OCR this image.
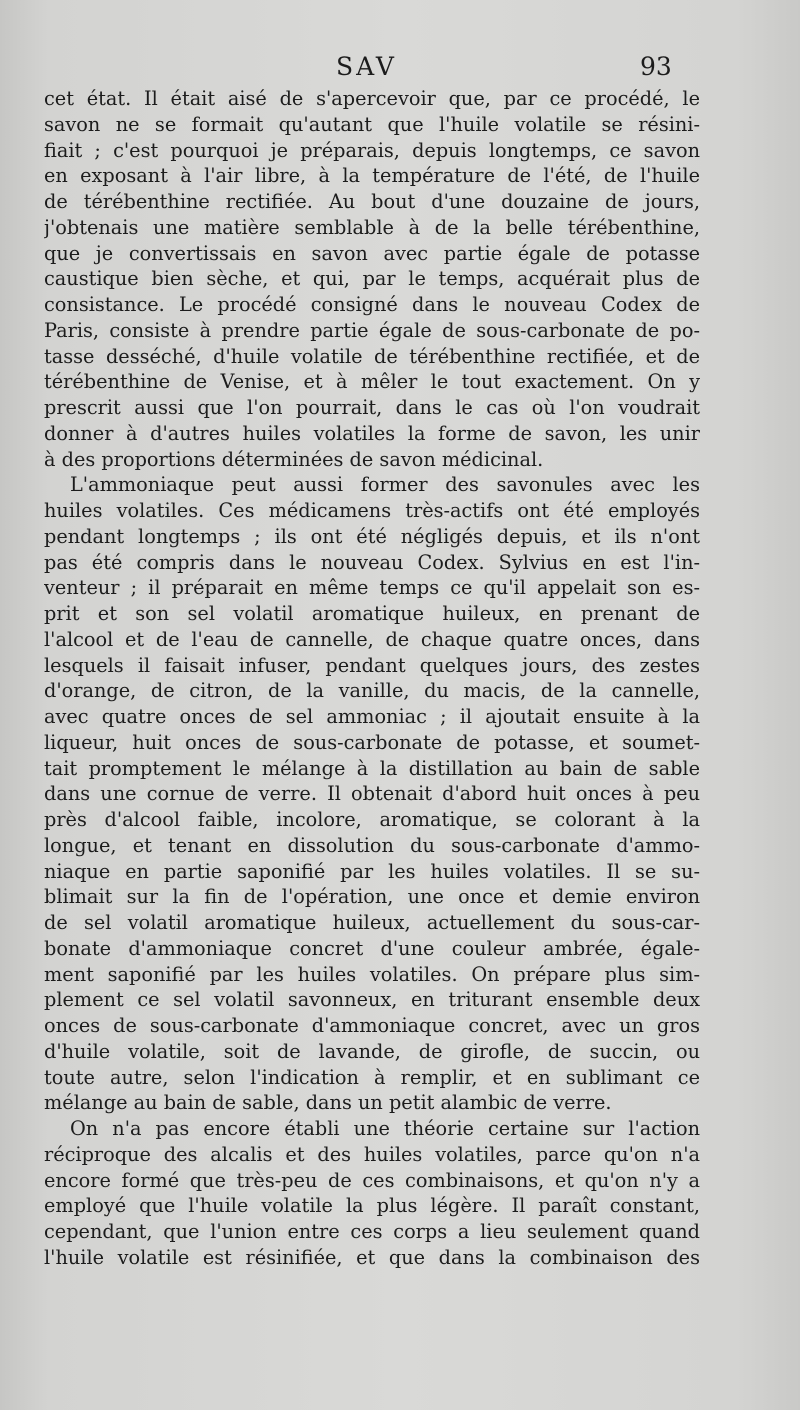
SAV	93
cet état. Il était aisé de s'apercevoir que, par ce procédé, le
savon ne se formait qu'autant que l'huile volatile se résini-
fiait ; c'est pourquoi je préparais, depuis longtemps, ce savon
en exposant à l'air libre, à la température de l'été, de l'huile
de térébenthine rectifiée. Au bout d'une douzaine de jours,
j'obtenais une matière semblable à de la belle térébenthine,
que je convertissais en savon avec partie égale de potasse
caustique bien sèche, et qui, par le temps, acquérait plus de
consistance. Le procédé consigné dans le nouveau Codex de
Paris, consiste à prendre partie égale de sous-carbonate de po-
tasse desséché, d'huile volatile de térébenthine rectifiée, et de
térébenthine de Venise, et à mêler le tout exactement. On y
prescrit aussi que l'on pourrait, dans le cas où l'on voudrait
donner à d'autres huiles volatiles la forme de savon, les unir
à des proportions déterminées de savon médicinal.
L'ammoniaque peut aussi former des savonules avec les
huiles volatiles. Ces médicamens très-actifs ont été employés
pendant longtemps ; ils ont été négligés depuis, et ils n'ont
pas été compris dans le nouveau Codex. Sylvius en est l'in-
venteur ; il préparait en même temps ce qu'il appelait son es-
prit et son sel volatil aromatique huileux, en prenant de
l'alcool et de l'eau de cannelle, de chaque quatre onces, dans
lesquels il faisait infuser, pendant quelques jours, des zestes
d'orange, de citron, de la vanille, du macis, de la cannelle,
avec quatre onces de sel ammoniac ; il ajoutait ensuite à la
liqueur, huit onces de sous-carbonate de potasse, et soumet-
tait promptement le mélange à la distillation au bain de sable
dans une cornue de verre. Il obtenait d'abord huit onces à peu
près d'alcool faible, incolore, aromatique, se colorant à la
longue, et tenant en dissolution du sous-carbonate d'ammo-
niaque en partie saponifié par les huiles volatiles. Il se su-
blimait sur la fin de l'opération, une once et demie environ
de sel volatil aromatique huileux, actuellement du sous-car-
bonate d'ammoniaque concret d'une couleur ambrée, égale-
ment saponifié par les huiles volatiles. On prépare plus sim-
plement ce sel volatil savonneux, en triturant ensemble deux
onces de sous-carbonate d'ammoniaque concret, avec un gros
d'huile volatile, soit de lavande, de girofle, de succin, ou
toute autre, selon l'indication à remplir, et en sublimant ce
mélange au bain de sable, dans un petit alambic de verre.
On n'a pas encore établi une théorie certaine sur l'action
réciproque des alcalis et des huiles volatiles, parce qu'on n'a
encore formé que très-peu de ces combinaisons, et qu'on n'y a
employé que l'huile volatile la plus légère. Il paraît constant,
cependant, que l'union entre ces corps a lieu seulement quand
l'huile volatile est résinifiée, et que dans la combinaison des
